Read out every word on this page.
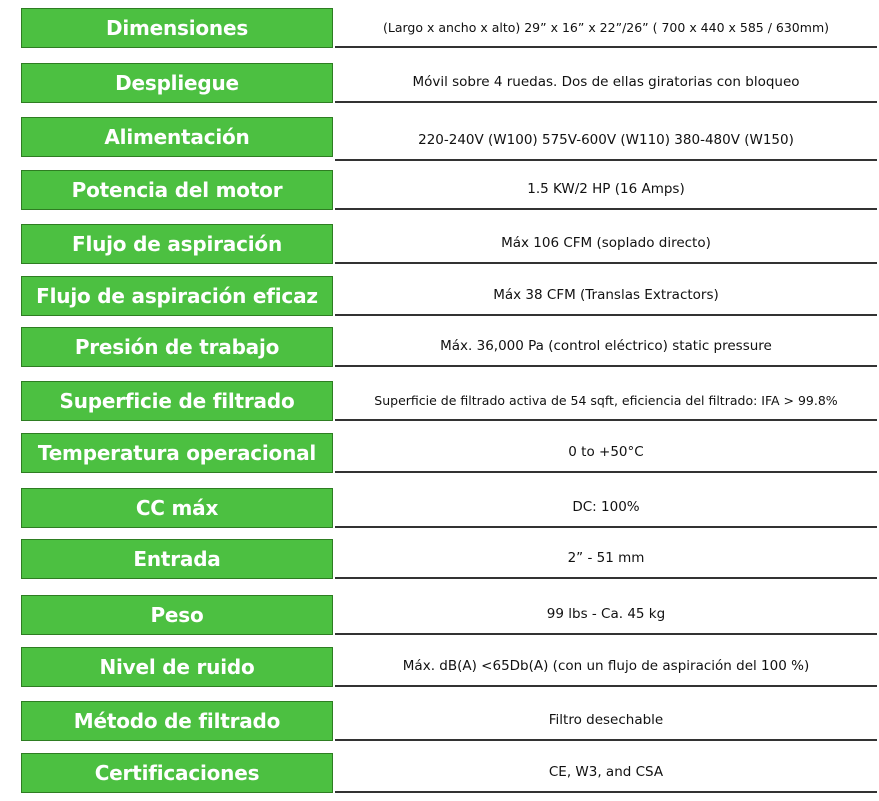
Dimensiones	(Largo x ancho x alto) 29” x 16” x 22”/26” ( 700 x 440 x 585 / 630mm)
Despliegue	Móvil sobre 4 ruedas. Dos de ellas giratorias con bloqueo
Alimentación	220-240V (W100) 575V-600V (W110) 380-480V (W150)
Potencia del motor	1.5 KW/2 HP (16 Amps)
Flujo de aspiración	Máx 106 CFM (soplado directo)
Flujo de aspiración eficaz	Máx 38 CFM (Translas Extractors)
Presión de trabajo	Máx. 36,000 Pa (control eléctrico) static pressure
Superficie de filtrado	Superficie de filtrado activa de 54 sqft, eficiencia del filtrado: IFA > 99.8%
Temperatura operacional	0 to +50°C
CC máx	DC: 100%
Entrada	2” - 51 mm
Peso	99 lbs - Ca. 45 kg
Nivel de ruido	Máx. dB(A) <65Db(A) (con un flujo de aspiración del 100 %)
Método de filtrado	Filtro desechable
Certificaciones	CE, W3, and CSA
